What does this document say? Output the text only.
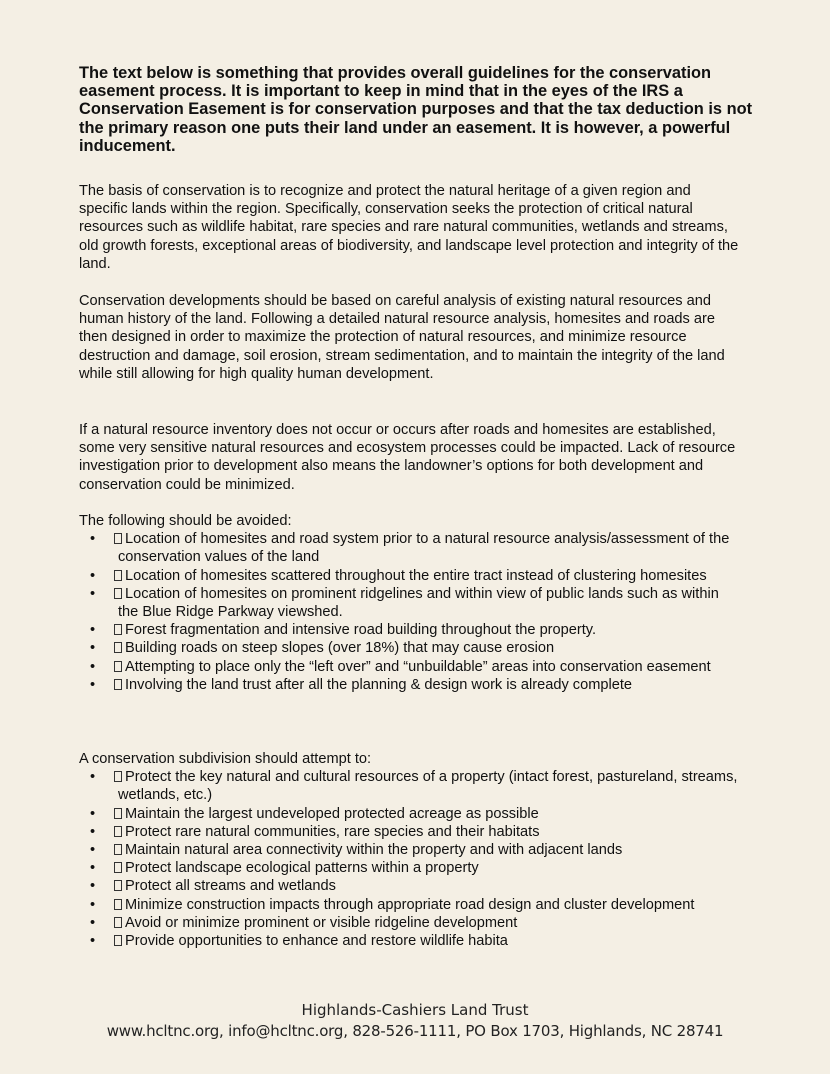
The text below is something that provides overall guidelines for the conservation easement process. It is important to keep in mind that in the eyes of the IRS a Conservation Easement is for conservation purposes and that the tax deduction is not the primary reason one puts their land under an easement. It is however, a powerful inducement.

The basis of conservation is to recognize and protect the natural heritage of a given region and specific lands within the region. Specifically, conservation seeks the protection of critical natural resources such as wildlife habitat, rare species and rare natural communities, wetlands and streams, old growth forests, exceptional areas of biodiversity, and landscape level protection and integrity of the land.

Conservation developments should be based on careful analysis of existing natural resources and human history of the land. Following a detailed natural resource analysis, homesites and roads are then designed in order to maximize the protection of natural resources, and minimize resource destruction and damage, soil erosion, stream sedimentation, and to maintain the integrity of the land while still allowing for high quality human development.

If a natural resource inventory does not occur or occurs after roads and homesites are established, some very sensitive natural resources and ecosystem processes could be impacted. Lack of resource investigation prior to development also means the landowner’s options for both development and conservation could be minimized.

The following should be avoided:

• Location of homesites and road system prior to a natural resource analysis/assessment of the conservation values of the land
• Location of homesites scattered throughout the entire tract instead of clustering homesites
• Location of homesites on prominent ridgelines and within view of public lands such as within the Blue Ridge Parkway viewshed.
• Forest fragmentation and intensive road building throughout the property.
• Building roads on steep slopes (over 18%) that may cause erosion
• Attempting to place only the “left over” and “unbuildable” areas into conservation easement
• Involving the land trust after all the planning & design work is already complete

A conservation subdivision should attempt to:

• Protect the key natural and cultural resources of a property (intact forest, pastureland, streams, wetlands, etc.)
• Maintain the largest undeveloped protected acreage as possible
• Protect rare natural communities, rare species and their habitats
• Maintain natural area connectivity within the property and with adjacent lands
• Protect landscape ecological patterns within a property
• Protect all streams and wetlands
• Minimize construction impacts through appropriate road design and cluster development
• Avoid or minimize prominent or visible ridgeline development
• Provide opportunities to enhance and restore wildlife habita

Highlands-Cashiers Land Trust

www.hcltnc.org, info@hcltnc.org, 828-526-1111, PO Box 1703, Highlands, NC 28741
